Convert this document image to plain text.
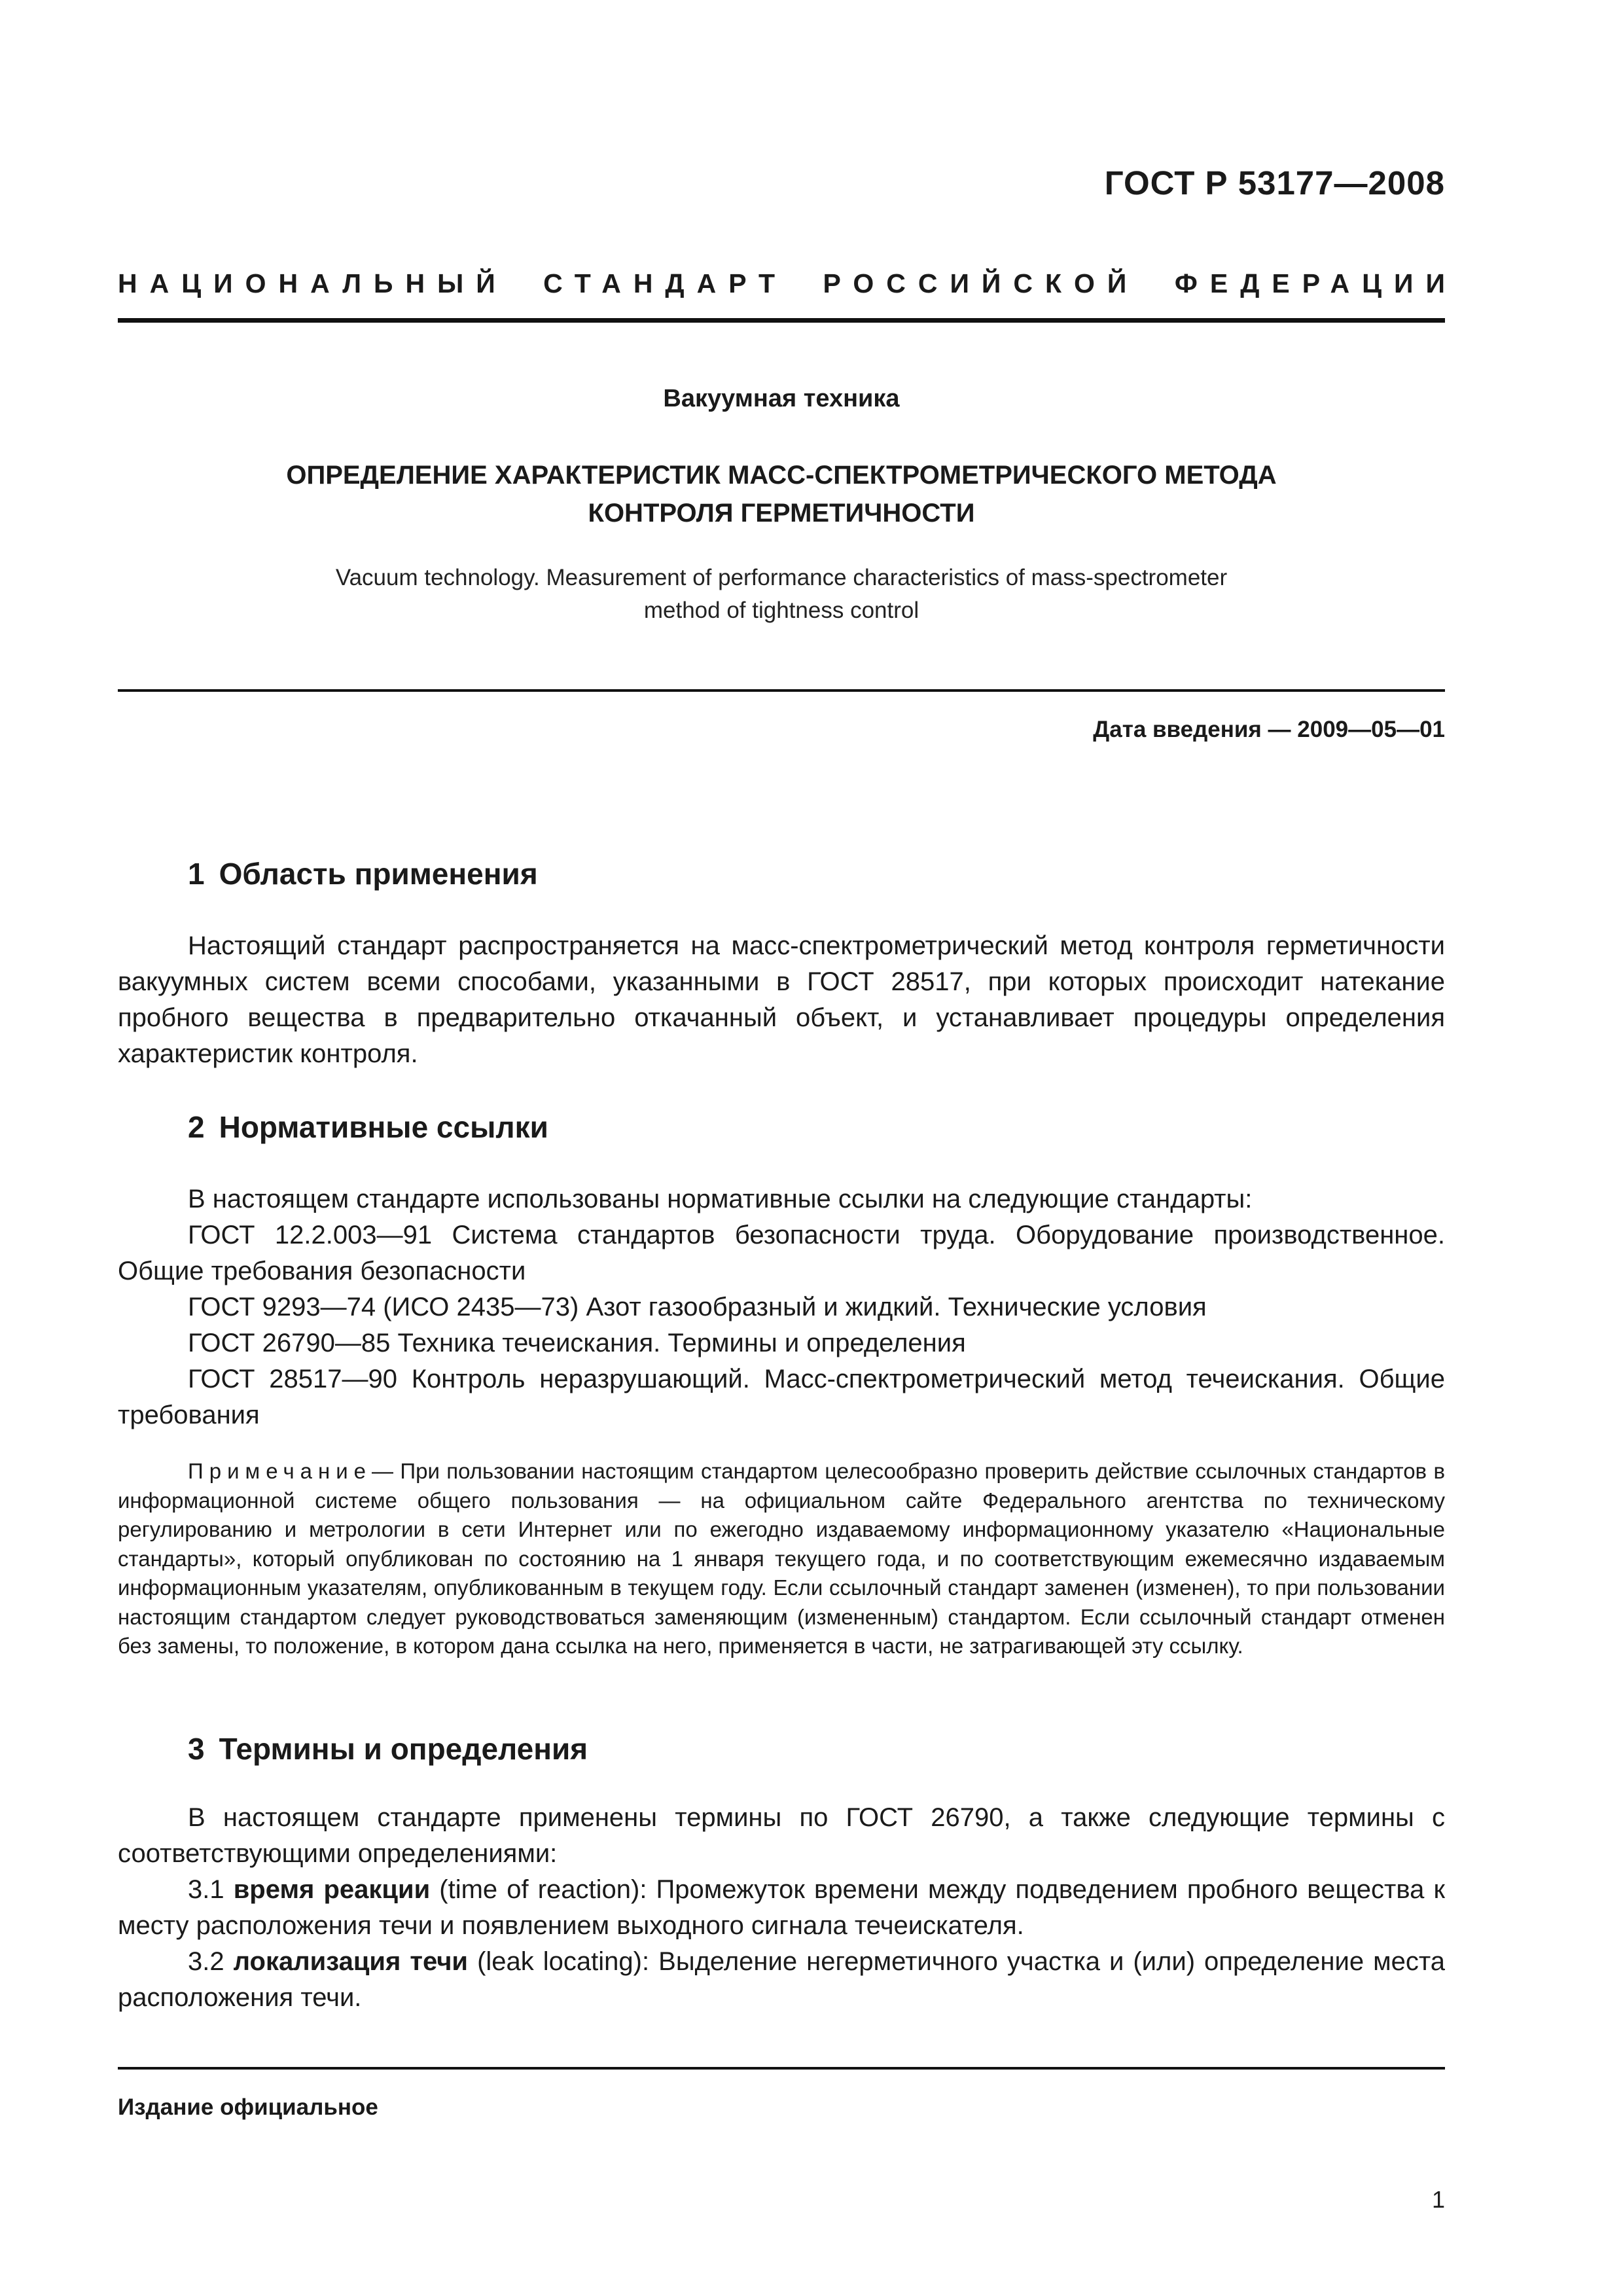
ГОСТ Р 53177—2008
НАЦИОНАЛЬНЫЙ СТАНДАРТ РОССИЙСКОЙ ФЕДЕРАЦИИ
Вакуумная техника
ОПРЕДЕЛЕНИЕ ХАРАКТЕРИСТИК МАСС-СПЕКТРОМЕТРИЧЕСКОГО МЕТОДА
КОНТРОЛЯ ГЕРМЕТИЧНОСТИ
Vacuum technology. Measurement of performance characteristics of mass-spectrometer
method of tightness control
Дата введения — 2009—05—01
1 Область применения

Настоящий стандарт распространяется на масс-спектрометрический метод контроля герметичности вакуумных систем всеми способами, указанными в ГОСТ 28517, при которых происходит натекание пробного вещества в предварительно откачанный объект, и устанавливает процедуры определения характеристик контроля.

2 Нормативные ссылки

В настоящем стандарте использованы нормативные ссылки на следующие стандарты:

ГОСТ 12.2.003—91 Система стандартов безопасности труда. Оборудование производственное. Общие требования безопасности

ГОСТ 9293—74 (ИСО 2435—73) Азот газообразный и жидкий. Технические условия

ГОСТ 26790—85 Техника течеискания. Термины и определения

ГОСТ 28517—90 Контроль неразрушающий. Масс-спектрометрический метод течеискания. Общие требования

Примечание— При пользовании настоящим стандартом целесообразно проверить действие ссылочных стандартов в информационной системе общего пользования — на официальном сайте Федерального агентства по техническому регулированию и метрологии в сети Интернет или по ежегодно издаваемому информационному указателю «Национальные стандарты», который опубликован по состоянию на 1 января текущего года, и по соответствующим ежемесячно издаваемым информационным указателям, опубликованным в текущем году. Если ссылочный стандарт заменен (изменен), то при пользовании настоящим стандартом следует руководствоваться заменяющим (измененным) стандартом. Если ссылочный стандарт отменен без замены, то положение, в котором дана ссылка на него, применяется в части, не затрагивающей эту ссылку.

3 Термины и определения

В настоящем стандарте применены термины по ГОСТ 26790, а также следующие термины с соответствующими определениями:

3.1 время реакции (time of reaction): Промежуток времени между подведением пробного вещества к месту расположения течи и появлением выходного сигнала течеискателя.

3.2 локализация течи (leak locating): Выделение негерметичного участка и (или) определение места расположения течи.

Издание официальное
1
